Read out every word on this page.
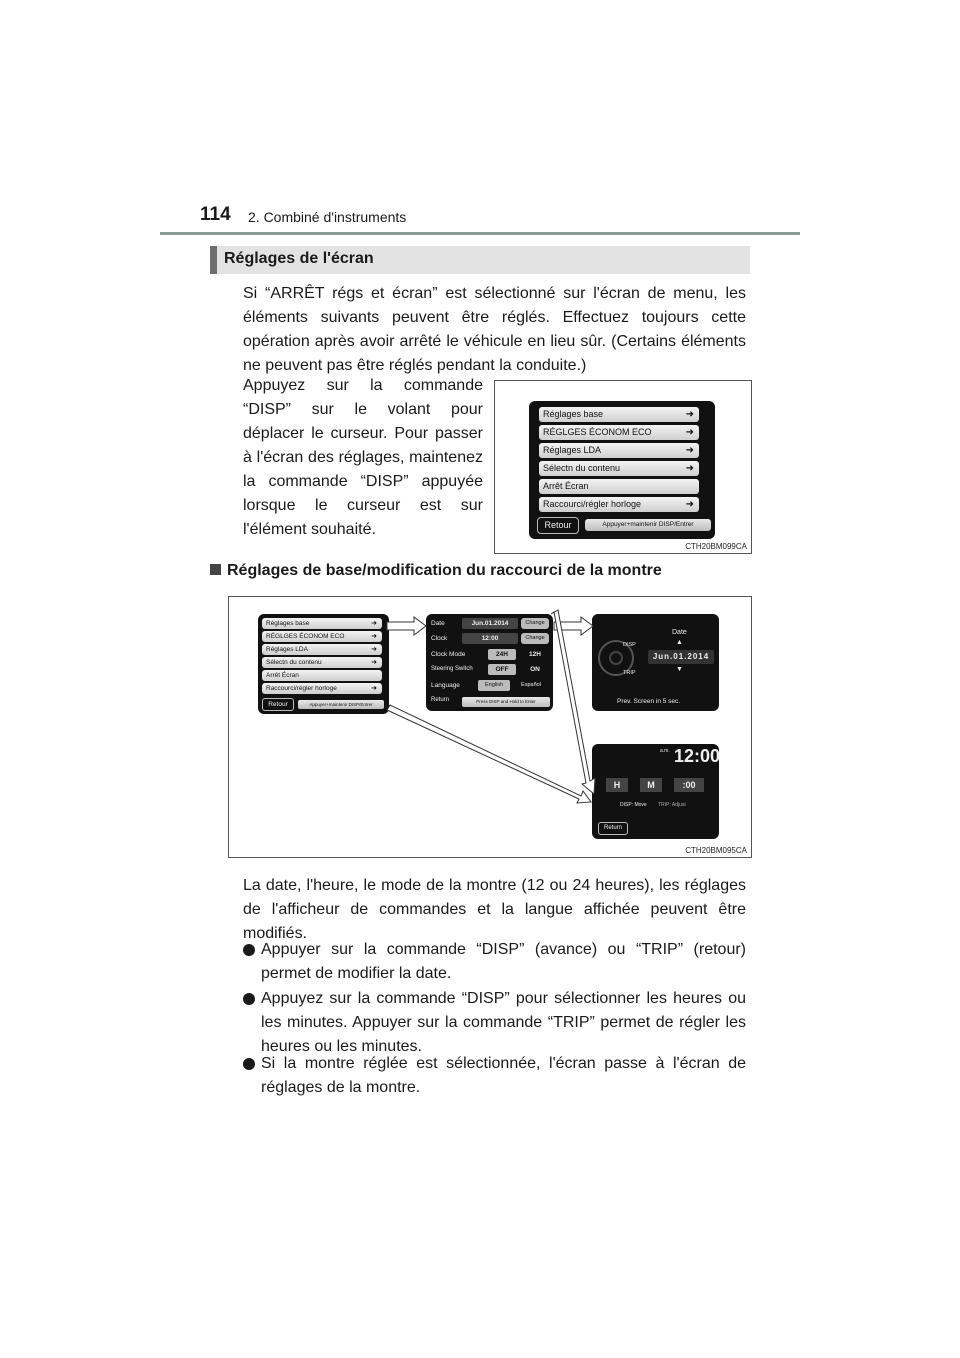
114 2. Combiné d'instruments
Réglages de l'écran
Si “ARRÊT régs et écran” est sélectionné sur l'écran de menu, les éléments suivants peuvent être réglés. Effectuez toujours cette opération après avoir arrêté le véhicule en lieu sûr. (Certains éléments ne peuvent pas être réglés pendant la conduite.)
Appuyez sur la commande “DISP” sur le volant pour déplacer le curseur. Pour passer à l'écran des réglages, maintenez la commande “DISP” appuyée lorsque le curseur est sur l'élément souhaité.
Réglages base	➜
RÉGLGES ÉCONOM ECO	➜
Réglages LDA	➜
Sélectn du contenu	➜
Arrêt Écran
Raccourci/régler horloge	➜
Retour	Appuyer+maintenir DISP/Entrer
CTH20BM099CA
Réglages de base/modification du raccourci de la montre
Réglages base	➜
RÉGLGES ÉCONOM ECO	➜
Réglages LDA	➜
Sélectn du contenu	➜
Arrêt Écran
Raccourci/régler horloge	➜
Retour	Appuyer+maintenir DISP/Entrer
Date	Jun.01.2014	Change
Clock	12:00	Change
Clock Mode	24H	12H
Steering Switch	OFF	ON
Language	English	Español
Return	Press DISP and Hold to Enter
DISP
TRIP
Date
▲
Jun.01.2014
▼
Prev. Screen in 5 sec.
a.m. 12:00
H	M	:00
DISP: Move TRIP: Adjust
Return
CTH20BM095CA
La date, l'heure, le mode de la montre (12 ou 24 heures), les réglages de l'afficheur de commandes et la langue affichée peuvent être modifiés.
Appuyer sur la commande “DISP” (avance) ou “TRIP” (retour) permet de modifier la date.
Appuyez sur la commande “DISP” pour sélectionner les heures ou les minutes. Appuyer sur la commande “TRIP” permet de régler les heures ou les minutes.
Si la montre réglée est sélectionnée, l'écran passe à l'écran de réglages de la montre.
